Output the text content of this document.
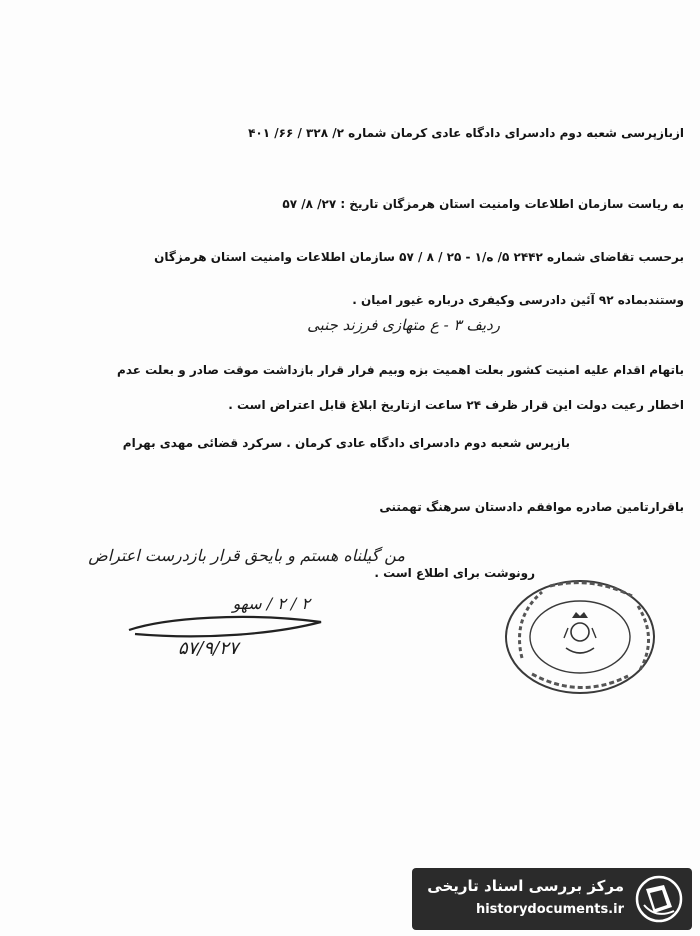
ازبازپرسی شعبه دوم دادسرای دادگاه عادی کرمان شماره ۲/ ۳۲۸ / ۶۶/ ۴۰۱
به ریاست سازمان اطلاعات وامنیت استان هرمزگان تاریخ : ۲۷/ ۸/ ۵۷
برحسب تقاضای شماره ۲۴۴۲ ۵/ ه/۱ - ۲۵ / ۸ / ۵۷ سازمان اطلاعات وامنیت استان هرمزگان
وستندبماده ۹۲ آئین دادرسی وکیفری درباره غیور امیان .
ردیف ۳ - ع متهازی فرزند جنبی
باتهام اقدام علیه امنیت کشور بعلت اهمیت بزه وبیم فرار قرار بازداشت موقت صادر و بعلت عدم
اخطار رعیت دولت این قرار ظرف ۲۴ ساعت ازتاریخ ابلاغ قابل اعتراض است .
بازپرس شعبه دوم دادسرای دادگاه عادی کرمان . سرکرد قضائی مهدی بهرام
باقرارتامین صادره موافقم دادستان سرهنگ تهمتنی
رونوشت برای اطلاع است .
من گیلناه هستم و بایحق قرار بازدرست اعتراض
۲ / ۲ / سهو
۵۷/۹/۲۷
مرکز بررسی اسناد تاریخی
historydocuments.ir
